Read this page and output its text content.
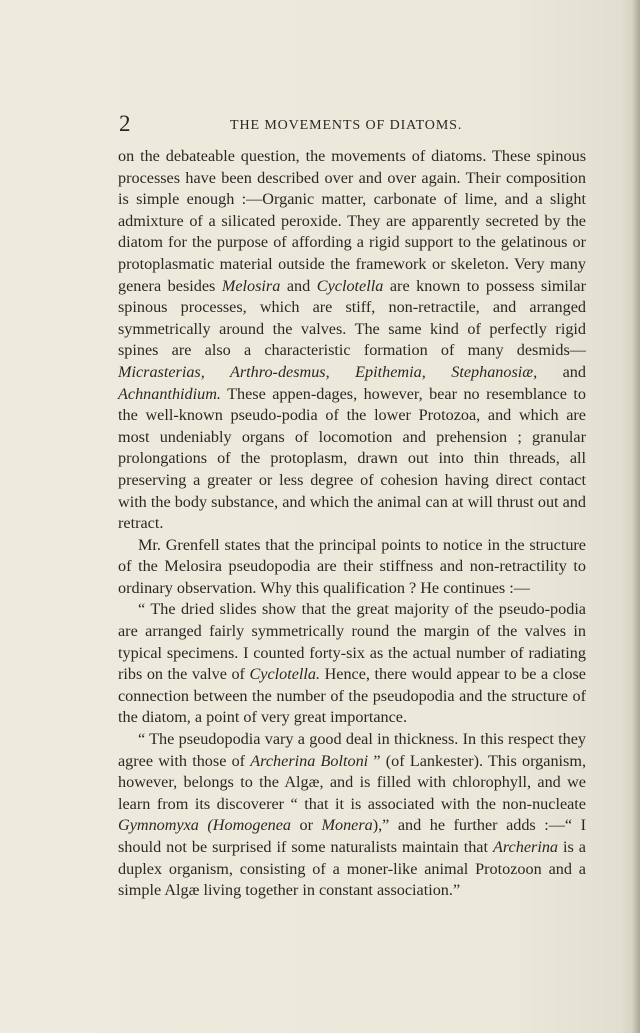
2	THE MOVEMENTS OF DIATOMS.

on the debateable question, the movements of diatoms. These spinous processes have been described over and over again. Their composition is simple enough :—Organic matter, carbonate of lime, and a slight admixture of a silicated peroxide. They are apparently secreted by the diatom for the purpose of affording a rigid support to the gelatinous or protoplasmatic material outside the framework or skeleton. Very many genera besides Melosira and Cyclotella are known to possess similar spinous processes, which are stiff, non-retractile, and arranged symmetrically around the valves. The same kind of perfectly rigid spines are also a characteristic formation of many desmids—Micrasterias, Arthro-desmus, Epithemia, Stephanosiæ, and Achnanthidium. These appen-dages, however, bear no resemblance to the well-known pseudo-podia of the lower Protozoa, and which are most undeniably organs of locomotion and prehension ; granular prolongations of the protoplasm, drawn out into thin threads, all preserving a greater or less degree of cohesion having direct contact with the body substance, and which the animal can at will thrust out and retract.

Mr. Grenfell states that the principal points to notice in the structure of the Melosira pseudopodia are their stiffness and non-retractility to ordinary observation. Why this qualification ? He continues :—

“ The dried slides show that the great majority of the pseudo-podia are arranged fairly symmetrically round the margin of the valves in typical specimens. I counted forty-six as the actual number of radiating ribs on the valve of Cyclotella. Hence, there would appear to be a close connection between the number of the pseudopodia and the structure of the diatom, a point of very great importance.

“ The pseudopodia vary a good deal in thickness. In this respect they agree with those of Archerina Boltoni ” (of Lankester). This organism, however, belongs to the Algæ, and is filled with chlorophyll, and we learn from its discoverer “ that it is associated with the non-nucleate Gymnomyxa (Homogenea or Monera),” and he further adds :—“ I should not be surprised if some naturalists maintain that Archerina is a duplex organism, consisting of a moner-like animal Protozoon and a simple Algæ living together in constant association.”
